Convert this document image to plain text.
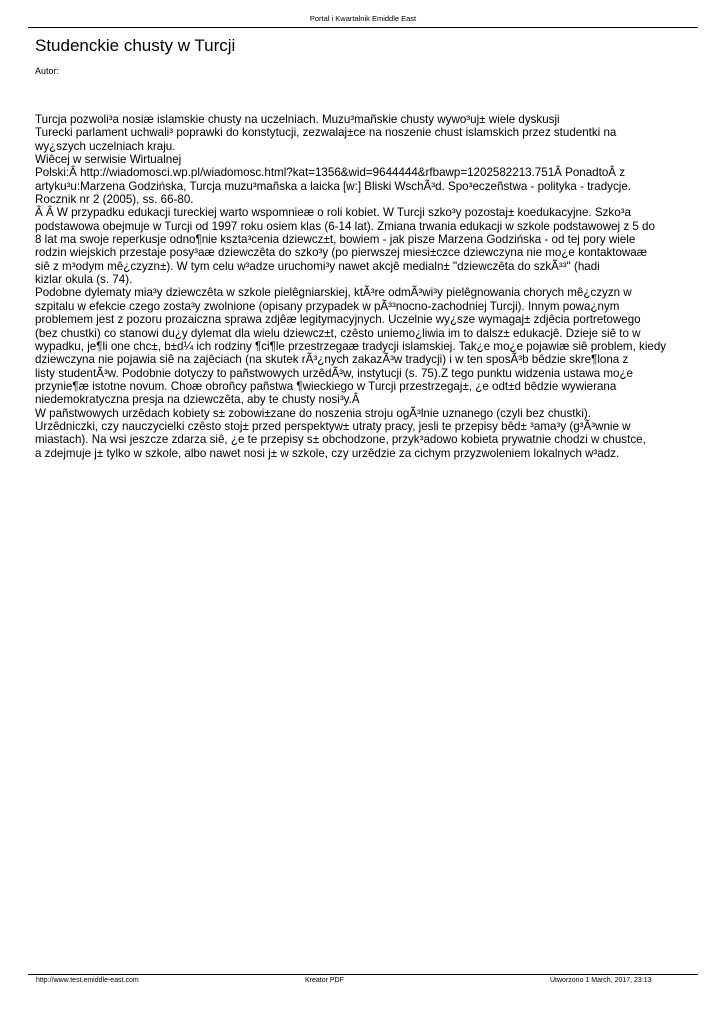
Portal i Kwartalnik Emiddle East
Studenckie chusty w Turcji
Autor:
Turcja pozwoli³a nosiæ islamskie chusty na uczelniach. Muzu³mañskie chusty wywo³uj± wiele dyskusji
Turecki parlament uchwali³ poprawki do konstytucji, zezwalaj±ce na noszenie chust islamskich przez studentki na
wy¿szych uczelniach kraju.
Wiêcej w serwisie Wirtualnej
Polski:Â http://wiadomosci.wp.pl/wiadomosc.html?kat=1356&wid=9644444&rfbawp=1202582213.751Â PonadtoÂ z
artyku³u:Marzena Godzińska, Turcja muzu³mañska a laicka [w:] Bliski WschÃ³d. Spo³eczeñstwa - polityka - tradycje.
Rocznik nr 2 (2005), ss. 66-80.
Â Â W przypadku edukacji tureckiej warto wspomnieæ o roli kobiet. W Turcji szko³y pozostaj± koedukacyjne. Szko³a
podstawowa obejmuje w Turcji od 1997 roku osiem klas (6-14 lat). Zmiana trwania edukacji w szkole podstawowej z 5 do
8 lat ma swoje reperkusje odno¶nie kszta³cenia dziewcz±t, bowiem - jak pisze Marzena Godzińska - od tej pory wiele
rodzin wiejskich przestaje posy³aæ dziewczêta do szko³y (po pierwszej miesi±czce dziewczyna nie mo¿e kontaktowaæ
siê z m³odym mê¿czyzn±). W tym celu w³adze uruchomi³y nawet akcjê medialn± "dziewczêta do szkÃ³³" (hadi
kizlar okula (s. 74).
Podobne dylematy mia³y dziewczêta w szkole pielêgniarskiej, ktÃ³re odmÃ³wi³y pielêgnowania chorych mê¿czyzn w
szpitalu w efekcie czego zosta³y zwolnione (opisany przypadek w pÃ³³nocno-zachodniej Turcji). Innym powa¿nym
problemem jest z pozoru prozaiczna sprawa zdjêæ legitymacyjnych. Uczelnie wy¿sze wymagaj± zdjêcia portretowego
(bez chustki) co stanowi du¿y dylemat dla wielu dziewcz±t, czêsto uniemo¿liwia im to dalsz± edukacjê. Dzieje siê to w
wypadku, je¶li one chc±, b±d¼ ich rodziny ¶ci¶le przestrzegaæ tradycji islamskiej. Tak¿e mo¿e pojawiæ siê problem, kiedy
dziewczyna nie pojawia siê na zajêciach (na skutek rÃ³¿nych zakazÃ³w tradycji) i w ten sposÃ³b bêdzie skre¶lona z
listy studentÃ³w. Podobnie dotyczy to pañstwowych urzêdÃ³w, instytucji (s. 75).Z tego punktu widzenia ustawa mo¿e
przynie¶æ istotne novum. Choæ obroñcy pañstwa ¶wieckiego w Turcji przestrzegaj±, ¿e odt±d bêdzie wywierana
niedemokratyczna presja na dziewczêta, aby te chusty nosi³y.Â
W pañstwowych urzêdach kobiety s± zobowi±zane do noszenia stroju ogÃ³lnie uznanego (czyli bez chustki).
Urzêdniczki, czy nauczycielki czêsto stoj± przed perspektyw± utraty pracy, jesli te przepisy bêd± ³ama³y (g³Ã³wnie w
miastach). Na wsi jeszcze zdarza siê, ¿e te przepisy s± obchodzone, przyk³adowo kobieta prywatnie chodzi w chustce,
a zdejmuje j± tylko w szkole, albo nawet nosi j± w szkole, czy urzêdzie za cichym przyzwoleniem lokalnych w³adz.
http://www.test.emiddle-east.com	Kreator PDF	Utworzono 1 March, 2017, 23:13
